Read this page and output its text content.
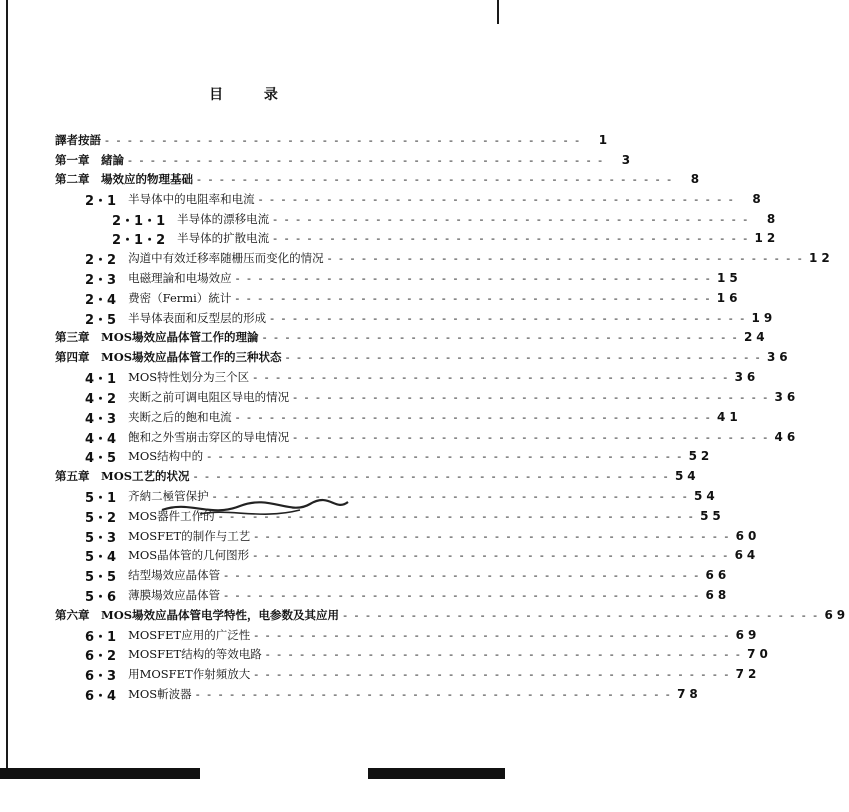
目 录
譯者按語 - - - - - - - - - - - - - - - - - - - - - - - - - - - - - - - - - - - - - - - - - -	1
第一章　緒論 - - - - - - - - - - - - - - - - - - - - - - - - - - - - - - - - - - - - - - - - - -	3
第二章　場效应的物理基础 - - - - - - - - - - - - - - - - - - - - - - - - - - - - - - - - - - - - - - - - - -	8
2・1 半导体中的电阻率和电流 - - - - - - - - - - - - - - - - - - - - - - - - - - - - - - - - - - - - - - - - - -	8
2・1・1 半导体的漂移电流 - - - - - - - - - - - - - - - - - - - - - - - - - - - - - - - - - - - - - - - - - -	8
2・1・2 半导体的扩散电流 - - - - - - - - - - - - - - - - - - - - - - - - - - - - - - - - - - - - - - - - - - 12
2・2 沟道中有效迁移率随栅压而变化的情况 - - - - - - - - - - - - - - - - - - - - - - - - - - - - - - - - - - - - - - - - - - 12
2・3 电磁理論和电場效应 - - - - - - - - - - - - - - - - - - - - - - - - - - - - - - - - - - - - - - - - - - 15
2・4 费密（Fermi）統计 - - - - - - - - - - - - - - - - - - - - - - - - - - - - - - - - - - - - - - - - - - 16
2・5 半导体表面和反型层的形成 - - - - - - - - - - - - - - - - - - - - - - - - - - - - - - - - - - - - - - - - - - 19
第三章　MOS場效应晶体管工作的理論 - - - - - - - - - - - - - - - - - - - - - - - - - - - - - - - - - - - - - - - - - - 24
第四章　MOS場效应晶体管工作的三种状态 - - - - - - - - - - - - - - - - - - - - - - - - - - - - - - - - - - - - - - - - - - 36
4・1 MOS特性划分为三个区 - - - - - - - - - - - - - - - - - - - - - - - - - - - - - - - - - - - - - - - - - - 36
4・2 夹断之前可调电阻区导电的情况 - - - - - - - - - - - - - - - - - - - - - - - - - - - - - - - - - - - - - - - - - - 36
4・3 夹断之后的飽和电流 - - - - - - - - - - - - - - - - - - - - - - - - - - - - - - - - - - - - - - - - - - 41
4・4 飽和之外雪崩击穿区的导电情况 - - - - - - - - - - - - - - - - - - - - - - - - - - - - - - - - - - - - - - - - - - 46
4・5 MOS结构中的 - - - - - - - - - - - - - - - - - - - - - - - - - - - - - - - - - - - - - - - - - - 52
第五章　MOS工艺的状况 - - - - - - - - - - - - - - - - - - - - - - - - - - - - - - - - - - - - - - - - - - 54
5・1 齐納二極管保护 - - - - - - - - - - - - - - - - - - - - - - - - - - - - - - - - - - - - - - - - - - 54
5・2 MOS器件工作的 - - - - - - - - - - - - - - - - - - - - - - - - - - - - - - - - - - - - - - - - - - 55
5・3 MOSFET的制作与工艺 - - - - - - - - - - - - - - - - - - - - - - - - - - - - - - - - - - - - - - - - - - 60
5・4 MOS晶体管的几何图形 - - - - - - - - - - - - - - - - - - - - - - - - - - - - - - - - - - - - - - - - - - 64
5・5 结型場效应晶体管 - - - - - - - - - - - - - - - - - - - - - - - - - - - - - - - - - - - - - - - - - - 66
5・6 薄膜場效应晶体管 - - - - - - - - - - - - - - - - - - - - - - - - - - - - - - - - - - - - - - - - - - 68
第六章　MOS場效应晶体管电学特性，电参数及其应用 - - - - - - - - - - - - - - - - - - - - - - - - - - - - - - - - - - - - - - - - - - 69
6・1 MOSFET应用的广泛性 - - - - - - - - - - - - - - - - - - - - - - - - - - - - - - - - - - - - - - - - - - 69
6・2 MOSFET结构的等效电路 - - - - - - - - - - - - - - - - - - - - - - - - - - - - - - - - - - - - - - - - - - 70
6・3 用MOSFET作射頻放大 - - - - - - - - - - - - - - - - - - - - - - - - - - - - - - - - - - - - - - - - - - 72
6・4 MOS斬波器 - - - - - - - - - - - - - - - - - - - - - - - - - - - - - - - - - - - - - - - - - - 78
